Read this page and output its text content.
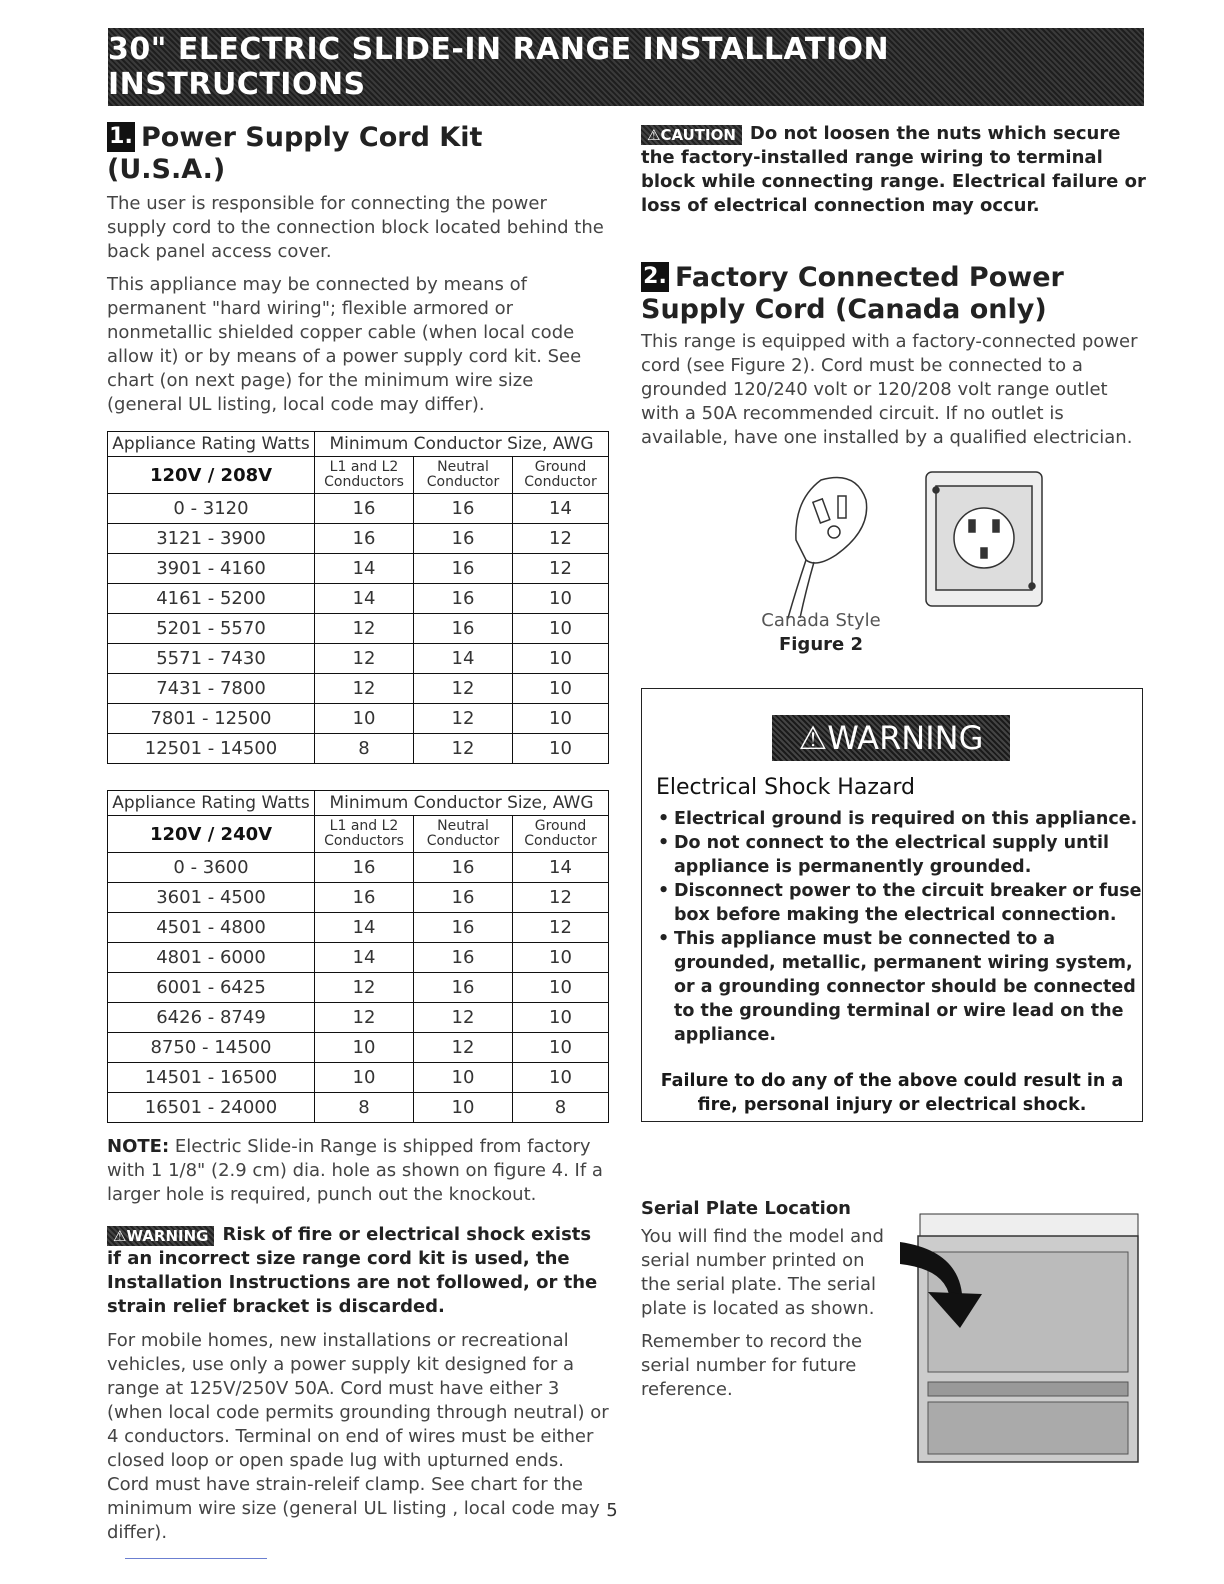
30" ELECTRIC SLIDE-IN RANGE INSTALLATION INSTRUCTIONS
1. Power Supply Cord Kit (U.S.A.)

The user is responsible for connecting the power supply cord to the connection block located behind the back panel access cover.

This appliance may be connected by means of permanent "hard wiring"; flexible armored or nonmetallic shielded copper cable (when local code allow it) or by means of a power supply cord kit. See chart (on next page) for the minimum wire size (general UL listing, local code may differ).

Appliance Rating Watts	Minimum Conductor Size, AWG		
120V / 208V	L1 and L2 Conductors	Neutral Conductor	Ground Conductor
0 - 3120	16	16	14
3121 - 3900	16	16	12
3901 - 4160	14	16	12
4161 - 5200	14	16	10
5201 - 5570	12	16	10
5571 - 7430	12	14	10
7431 - 7800	12	12	10
7801 - 12500	10	12	10
12501 - 14500	8	12	10
Appliance Rating Watts	Minimum Conductor Size, AWG		
120V / 240V	L1 and L2 Conductors	Neutral Conductor	Ground Conductor
0 - 3600	16	16	14
3601 - 4500	16	16	12
4501 - 4800	14	16	12
4801 - 6000	14	16	10
6001 - 6425	12	16	10
6426 - 8749	12	12	10
8750 - 14500	10	12	10
14501 - 16500	10	10	10
16501 - 24000	8	10	8

NOTE: Electric Slide-in Range is shipped from factory with 1 1/8" (2.9 cm) dia. hole as shown on figure 4. If a larger hole is required, punch out the knockout.

⚠WARNING Risk of fire or electrical shock exists if an incorrect size range cord kit is used, the Installation Instructions are not followed, or the strain relief bracket is discarded.

For mobile homes, new installations or recreational vehicles, use only a power supply kit designed for a range at 125V/250V 50A. Cord must have either 3 (when local code permits grounding through neutral) or 4 conductors. Terminal on end of wires must be either closed loop or open spade lug with upturned ends. Cord must have strain-releif clamp. See chart for the minimum wire size (general UL listing , local code may differ).

⚠CAUTION Do not loosen the nuts which secure the factory-installed range wiring to terminal block while connecting range. Electrical failure or loss of electrical connection may occur.
2. Factory Connected Power Supply Cord (Canada only)

This range is equipped with a factory-connected power cord (see Figure 2). Cord must be connected to a grounded 120/240 volt or 120/208 volt range outlet with a 50A recommended circuit. If no outlet is available, have one installed by a qualified electrician.

Canada Style
Figure 2
⚠WARNING
Electrical Shock Hazard
• Electrical ground is required on this appliance.
• Do not connect to the electrical supply until appliance is permanently grounded.
• Disconnect power to the circuit breaker or fuse box before making the electrical connection.
• This appliance must be connected to a grounded, metallic, permanent wiring system, or a grounding connector should be connected to the grounding terminal or wire lead on the appliance.
Failure to do any of the above could result in a fire, personal injury or electrical shock.
Serial Plate Location

You will find the model and serial number printed on the serial plate. The serial plate is located as shown.

Remember to record the serial number for future reference.

5
